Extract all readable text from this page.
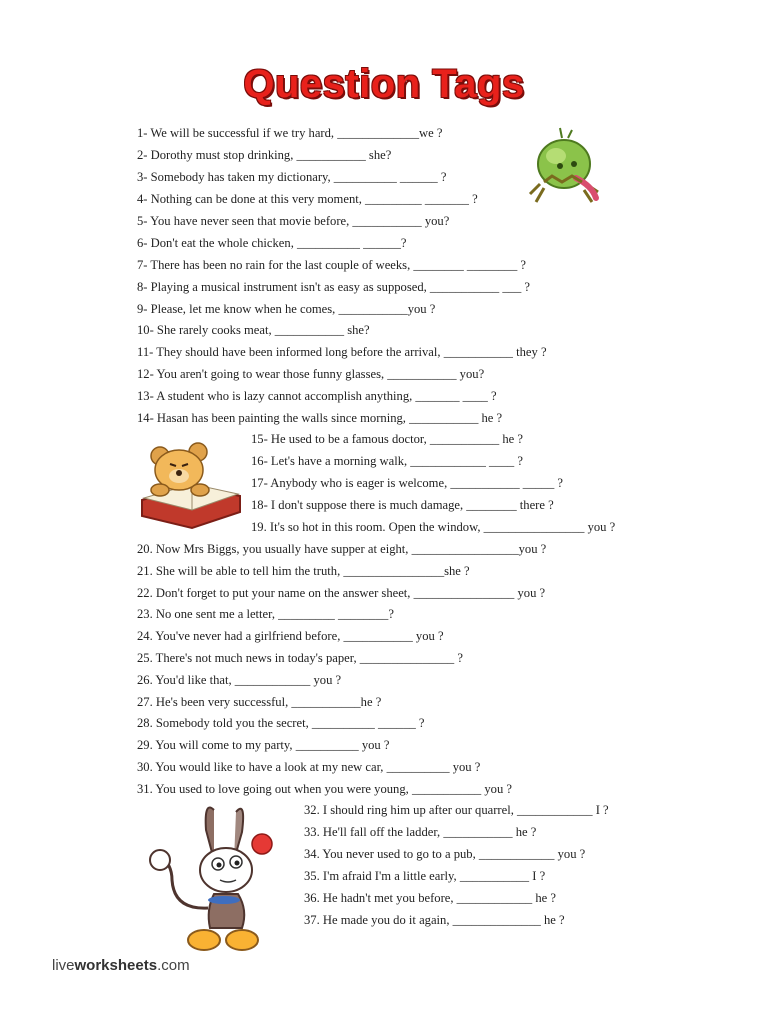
Question Tags
1- We will be successful if we try hard, _____________we ?
2- Dorothy must stop drinking, ___________ she?
3- Somebody has taken my dictionary, __________ ______ ?
4- Nothing can be done at this very moment, _________ _______ ?
5- You have never seen that movie before, ___________ you?
6- Don't eat the whole chicken, __________ ______?
7- There has been no rain for the last couple of weeks, ________ ________ ?
8- Playing a musical instrument isn't as easy as supposed, ___________ ___ ?
9- Please, let me know when he comes, ___________you ?
10- She rarely cooks meat, ___________ she?
11- They should have been informed long before the arrival, ___________ they ?
12- You aren't going to wear those funny glasses, ___________ you?
13- A student who is lazy cannot accomplish anything, _______ ____ ?
14- Hasan has been painting the walls since morning, ___________ he ?
15- He used to be a famous doctor, ___________ he ?
16- Let's have a morning walk, ____________ ____ ?
17- Anybody who is eager is welcome, ___________ _____ ?
18- I don't suppose there is much damage, ________ there ?
19. It's so hot in this room. Open the window, ________________ you ?
20. Now Mrs Biggs, you usually have supper at eight, _________________you ?
21. She will be able to tell him the truth, ________________she ?
22. Don't forget to put your name on the answer sheet, ________________ you ?
23. No one sent me a letter, _________ ________?
24. You've never had a girlfriend before, ___________ you ?
25. There's not much news in today's paper, _______________ ?
26. You'd like that, ____________ you ?
27. He's been very successful, ___________he ?
28. Somebody told you the secret, __________ ______ ?
29. You will come to my party, __________ you ?
30. You would like to have a look at my new car, __________ you ?
31. You used to love going out when you were young, ___________ you ?
32. I should ring him up after our quarrel, ____________ I ?
33. He'll fall off the ladder, ___________ he ?
34. You never used to go to a pub, ____________ you ?
35. I'm afraid I'm a little early, ___________ I ?
36. He hadn't met you before, ____________ he ?
37. He made you do it again, ______________ he ?
liveworksheets.com
